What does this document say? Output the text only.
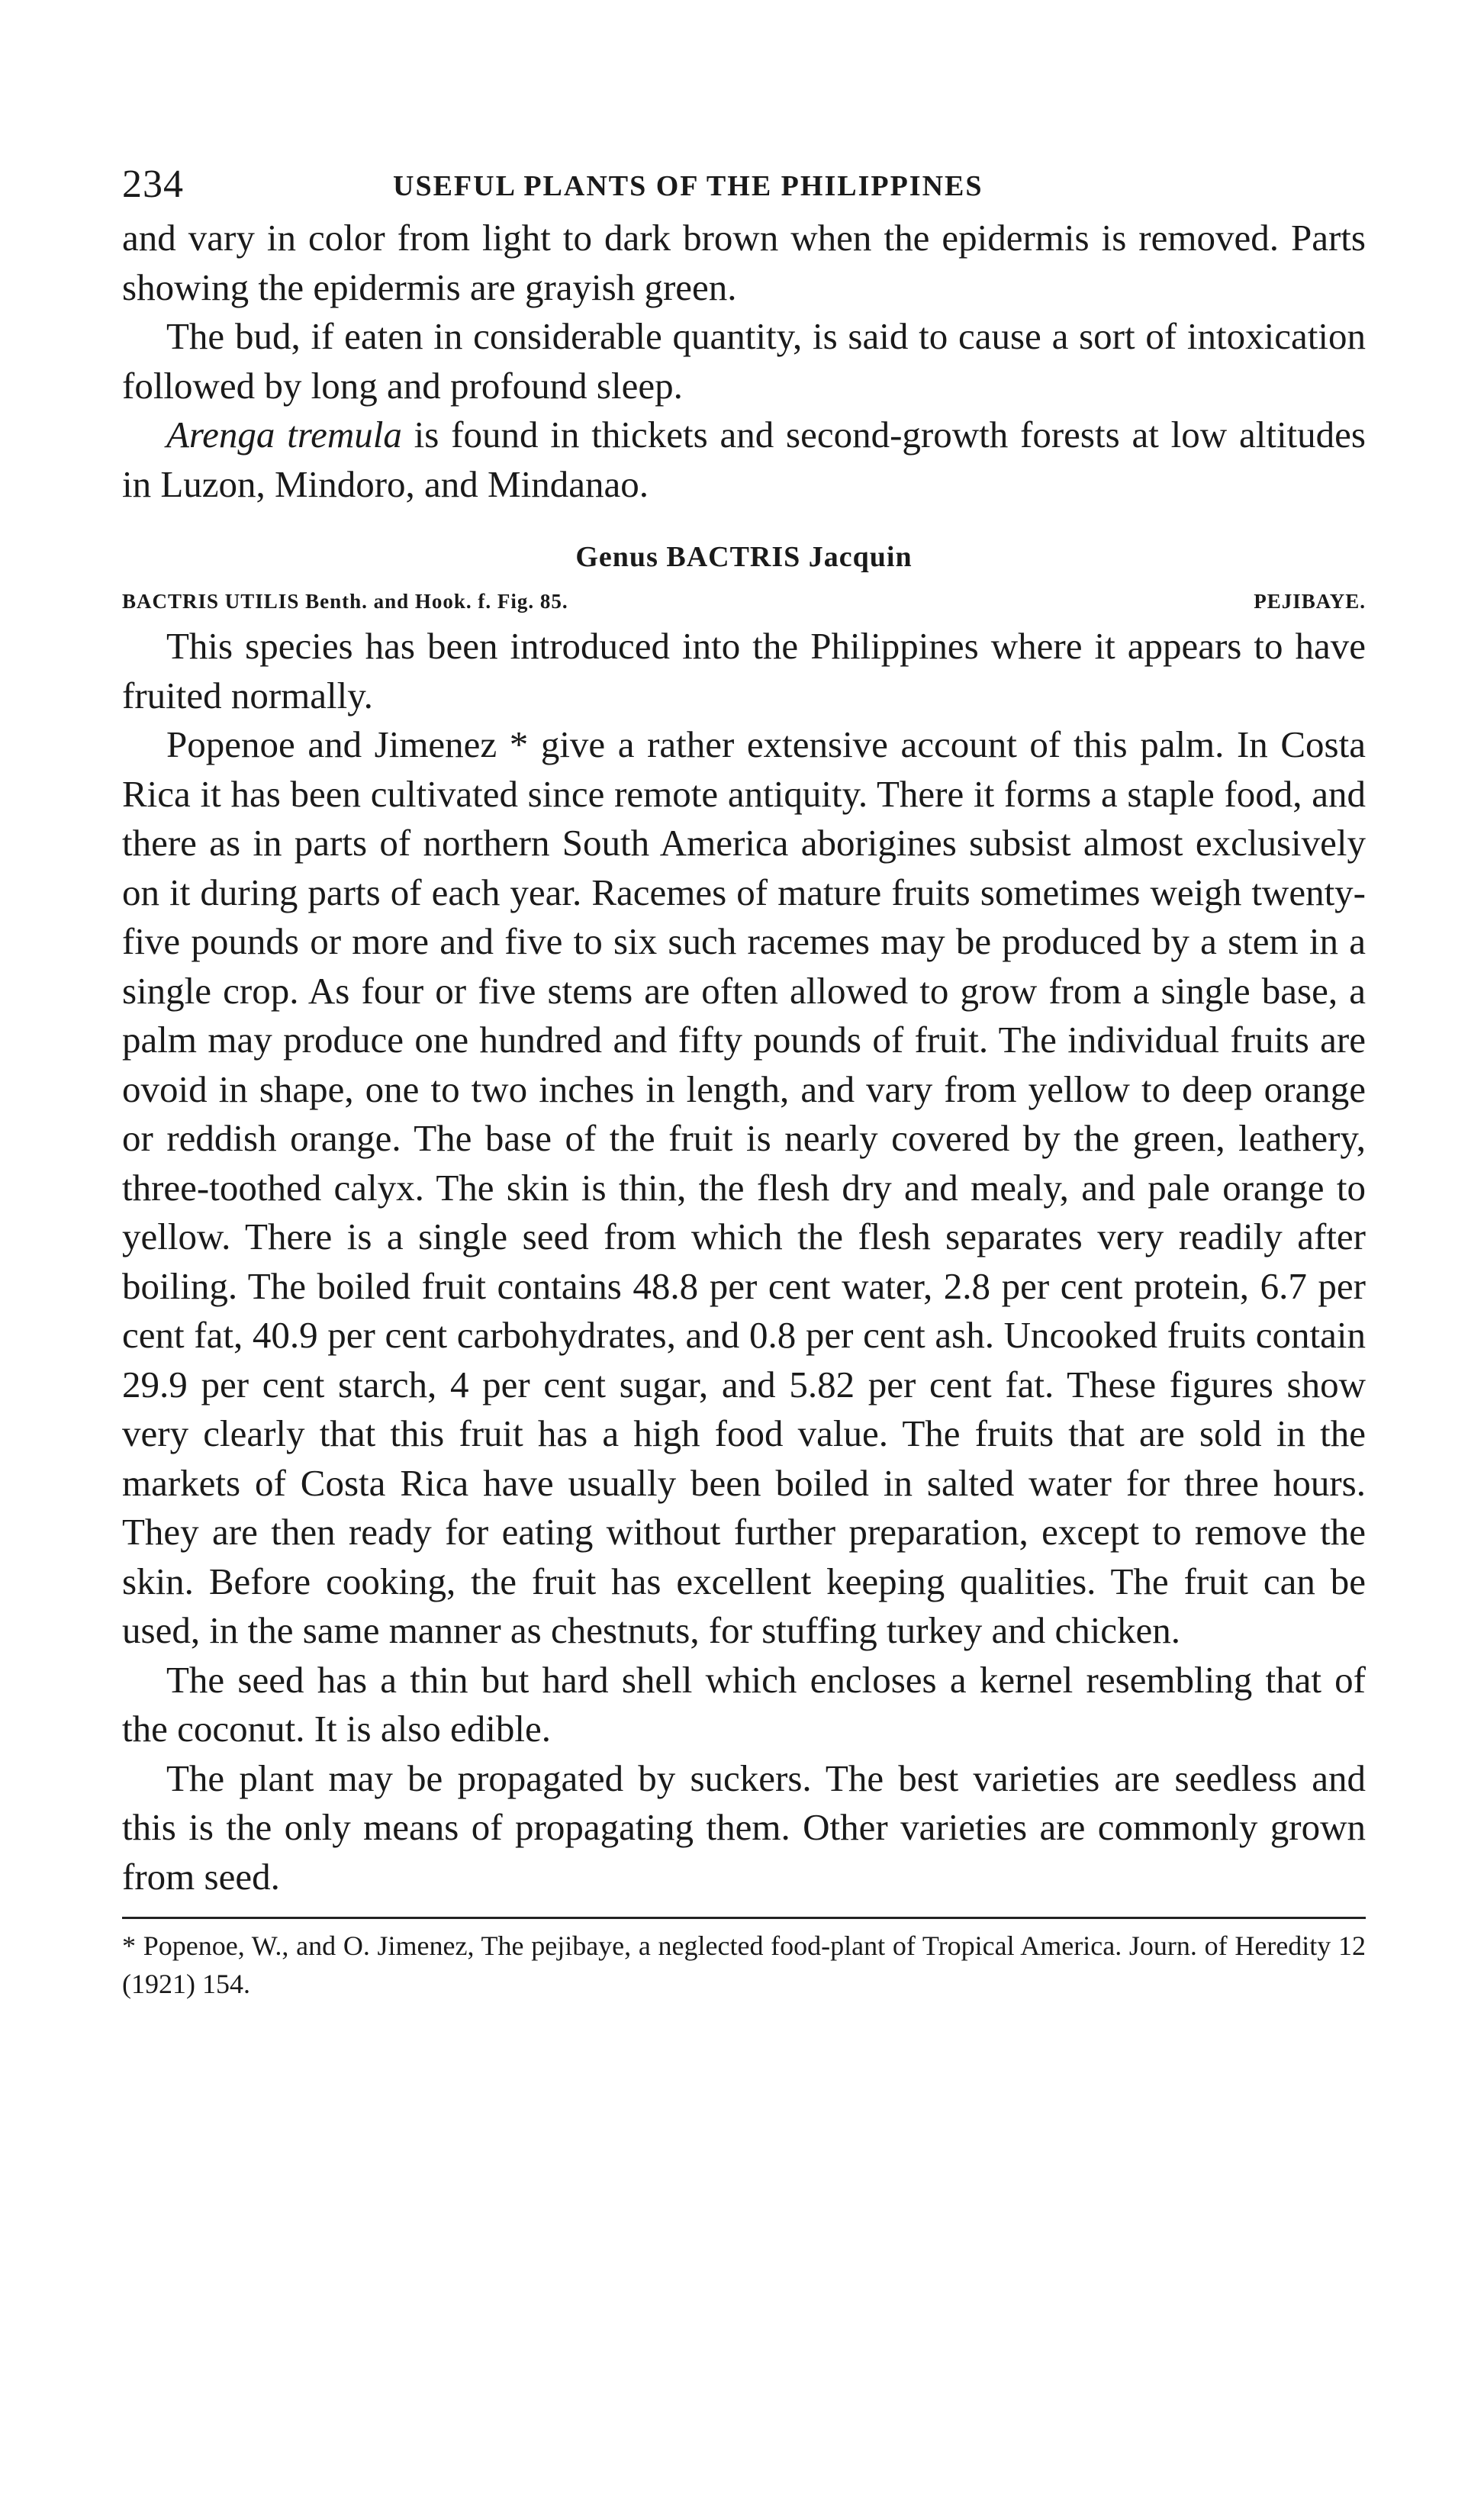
234	USEFUL PLANTS OF THE PHILIPPINES

and vary in color from light to dark brown when the epidermis is removed. Parts showing the epidermis are grayish green.

The bud, if eaten in considerable quantity, is said to cause a sort of intoxication followed by long and profound sleep.

Arenga tremula is found in thickets and second-growth forests at low altitudes in Luzon, Mindoro, and Mindanao.

Genus BACTRIS Jacquin
BACTRIS UTILIS Benth. and Hook. f. Fig. 85.	PEJIBAYE.

This species has been introduced into the Philippines where it appears to have fruited normally.

Popenoe and Jimenez * give a rather extensive account of this palm. In Costa Rica it has been cultivated since remote antiquity. There it forms a staple food, and there as in parts of northern South America aborigines subsist almost exclusively on it during parts of each year. Racemes of mature fruits sometimes weigh twenty-five pounds or more and five to six such racemes may be produced by a stem in a single crop. As four or five stems are often allowed to grow from a single base, a palm may produce one hundred and fifty pounds of fruit. The individual fruits are ovoid in shape, one to two inches in length, and vary from yellow to deep orange or reddish orange. The base of the fruit is nearly covered by the green, leathery, three-toothed calyx. The skin is thin, the flesh dry and mealy, and pale orange to yellow. There is a single seed from which the flesh separates very readily after boiling. The boiled fruit contains 48.8 per cent water, 2.8 per cent protein, 6.7 per cent fat, 40.9 per cent carbohydrates, and 0.8 per cent ash. Uncooked fruits contain 29.9 per cent starch, 4 per cent sugar, and 5.82 per cent fat. These figures show very clearly that this fruit has a high food value. The fruits that are sold in the markets of Costa Rica have usually been boiled in salted water for three hours. They are then ready for eating without further preparation, except to remove the skin. Before cooking, the fruit has excellent keeping qualities. The fruit can be used, in the same manner as chestnuts, for stuffing turkey and chicken.

The seed has a thin but hard shell which encloses a kernel resembling that of the coconut. It is also edible.

The plant may be propagated by suckers. The best varieties are seedless and this is the only means of propagating them. Other varieties are commonly grown from seed.

* Popenoe, W., and O. Jimenez, The pejibaye, a neglected food-plant of Tropical America. Journ. of Heredity 12 (1921) 154.
